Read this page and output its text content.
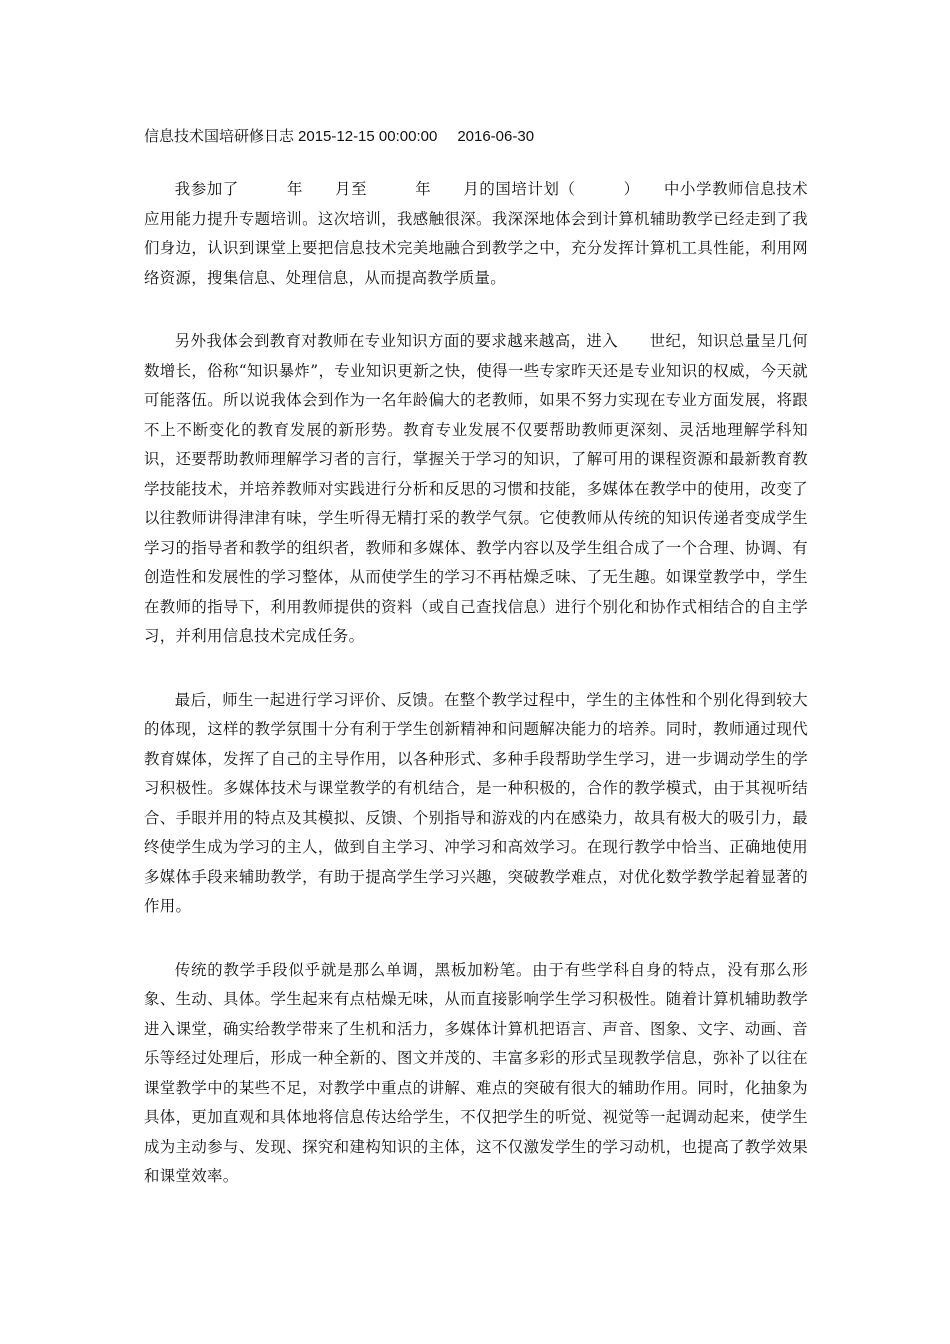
信息技术国培研修日志 2015-12-15 00:00:00 2016-06-30

我参加了　　　年　　月至　　　年　　月的国培计划（　　　）　　中小学教师信息技术应用能力提升专题培训。这次培训，我感触很深。我深深地体会到计算机辅助教学已经走到了我们身边，认识到课堂上要把信息技术完美地融合到教学之中，充分发挥计算机工具性能，利用网络资源，搜集信息、处理信息，从而提高教学质量。

另外我体会到教育对教师在专业知识方面的要求越来越高，进入　　世纪，知识总量呈几何数增长，俗称“知识暴炸”，专业知识更新之快，使得一些专家昨天还是专业知识的权威，今天就可能落伍。所以说我体会到作为一名年龄偏大的老教师，如果不努力实现在专业方面发展，将跟不上不断变化的教育发展的新形势。教育专业发展不仅要帮助教师更深刻、灵活地理解学科知识，还要帮助教师理解学习者的言行，掌握关于学习的知识，了解可用的课程资源和最新教育教学技能技术，并培养教师对实践进行分析和反思的习惯和技能，多媒体在教学中的使用，改变了以往教师讲得津津有味，学生听得无精打采的教学气氛。它使教师从传统的知识传递者变成学生学习的指导者和教学的组织者，教师和多媒体、教学内容以及学生组合成了一个合理、协调、有创造性和发展性的学习整体，从而使学生的学习不再枯燥乏味、了无生趣。如课堂教学中，学生在教师的指导下，利用教师提供的资料（或自己查找信息）进行个别化和协作式相结合的自主学习，并利用信息技术完成任务。

最后，师生一起进行学习评价、反馈。在整个教学过程中，学生的主体性和个别化得到较大的体现，这样的教学氛围十分有利于学生创新精神和问题解决能力的培养。同时，教师通过现代教育媒体，发挥了自己的主导作用，以各种形式、多种手段帮助学生学习，进一步调动学生的学习积极性。多媒体技术与课堂教学的有机结合，是一种积极的，合作的教学模式，由于其视听结合、手眼并用的特点及其模拟、反馈、个别指导和游戏的内在感染力，故具有极大的吸引力，最终使学生成为学习的主人，做到自主学习、冲学习和高效学习。在现行教学中恰当、正确地使用多媒体手段来辅助教学，有助于提高学生学习兴趣，突破教学难点，对优化数学教学起着显著的作用。

传统的教学手段似乎就是那么单调，黑板加粉笔。由于有些学科自身的特点，没有那么形象、生动、具体。学生起来有点枯燥无味，从而直接影响学生学习积极性。随着计算机辅助教学进入课堂，确实给教学带来了生机和活力，多媒体计算机把语言、声音、图象、文字、动画、音乐等经过处理后，形成一种全新的、图文并茂的、丰富多彩的形式呈现教学信息，弥补了以往在课堂教学中的某些不足，对教学中重点的讲解、难点的突破有很大的辅助作用。同时，化抽象为具体，更加直观和具体地将信息传达给学生，不仅把学生的听觉、视觉等一起调动起来，使学生成为主动参与、发现、探究和建构知识的主体，这不仅激发学生的学习动机，也提高了教学效果和课堂效率。
